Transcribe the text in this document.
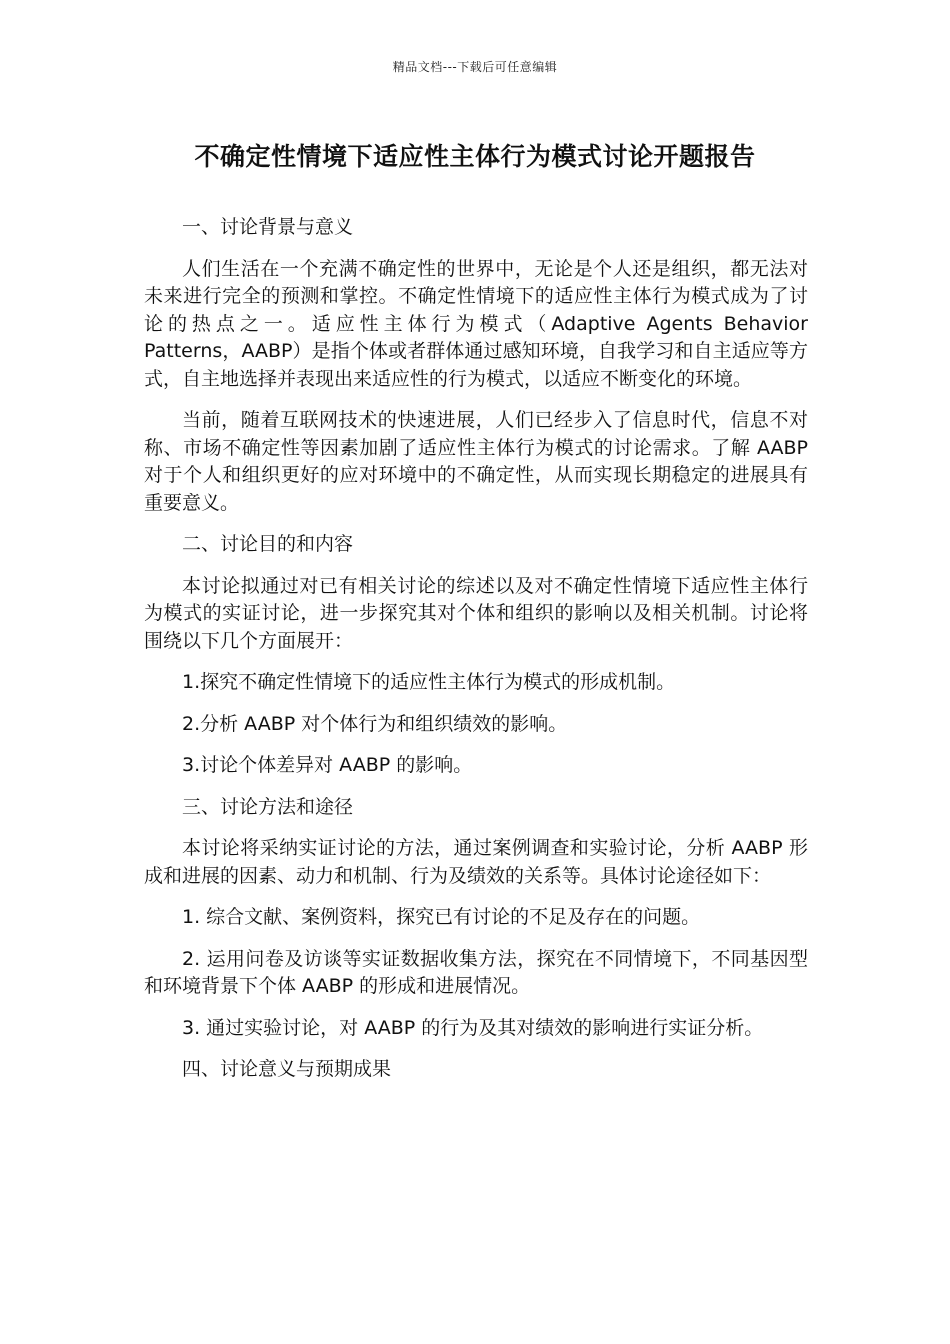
精品文档---下载后可任意编辑
不确定性情境下适应性主体行为模式讨论开题报告

一、讨论背景与意义

人们生活在一个充满不确定性的世界中，无论是个人还是组织，都无法对未来进行完全的预测和掌控。不确定性情境下的适应性主体行为模式成为了讨论的热点之一。适应性主体行为模式（Adaptive Agents Behavior Patterns，AABP）是指个体或者群体通过感知环境，自我学习和自主适应等方式，自主地选择并表现出来适应性的行为模式，以适应不断变化的环境。

当前，随着互联网技术的快速进展，人们已经步入了信息时代，信息不对称、市场不确定性等因素加剧了适应性主体行为模式的讨论需求。了解 AABP 对于个人和组织更好的应对环境中的不确定性，从而实现长期稳定的进展具有重要意义。

二、讨论目的和内容

本讨论拟通过对已有相关讨论的综述以及对不确定性情境下适应性主体行为模式的实证讨论，进一步探究其对个体和组织的影响以及相关机制。讨论将围绕以下几个方面展开：

1.探究不确定性情境下的适应性主体行为模式的形成机制。

2.分析 AABP 对个体行为和组织绩效的影响。

3.讨论个体差异对 AABP 的影响。

三、讨论方法和途径

本讨论将采纳实证讨论的方法，通过案例调查和实验讨论，分析 AABP 形成和进展的因素、动力和机制、行为及绩效的关系等。具体讨论途径如下：

1. 综合文献、案例资料，探究已有讨论的不足及存在的问题。

2. 运用问卷及访谈等实证数据收集方法，探究在不同情境下，不同基因型和环境背景下个体 AABP 的形成和进展情况。

3. 通过实验讨论，对 AABP 的行为及其对绩效的影响进行实证分析。

四、讨论意义与预期成果
